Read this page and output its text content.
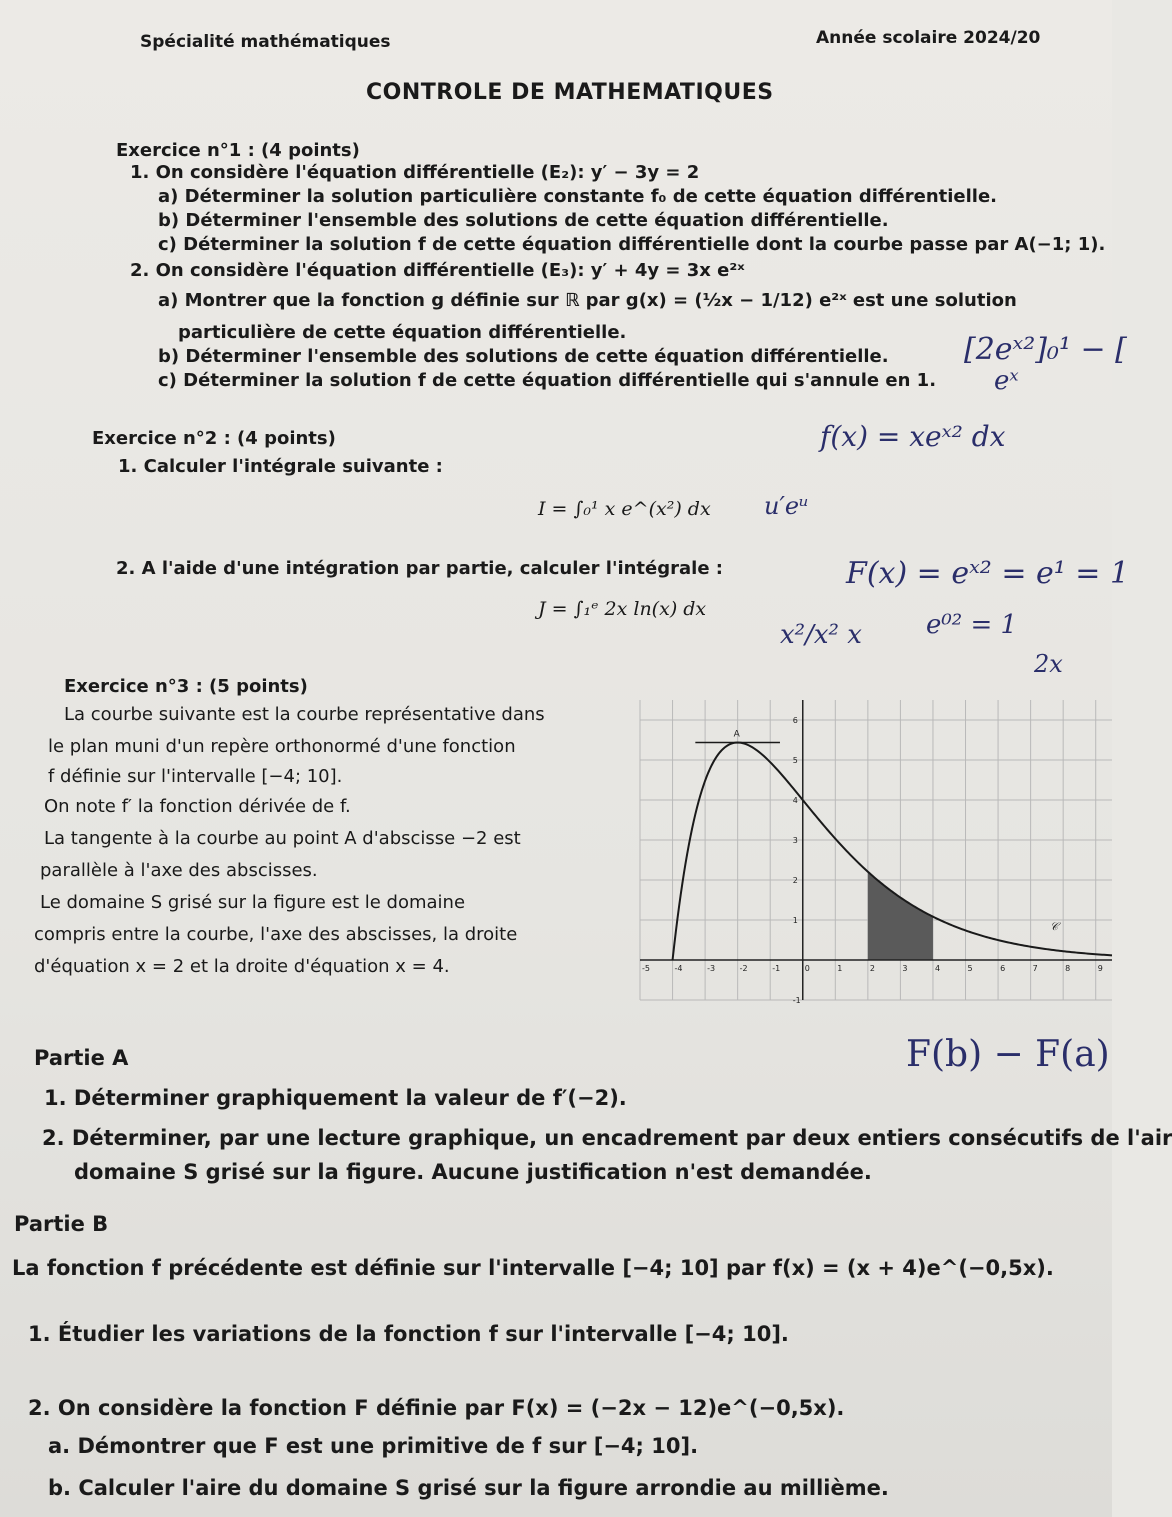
Spécialité mathématiques	Année scolaire 2024/20
CONTROLE DE MATHEMATIQUES
Exercice n°1 : (4 points)
1. On considère l'équation différentielle (E₂): y′ − 3y = 2
a) Déterminer la solution particulière constante f₀ de cette équation différentielle.
b) Déterminer l'ensemble des solutions de cette équation différentielle.
c) Déterminer la solution f de cette équation différentielle dont la courbe passe par A(−1; 1).
2. On considère l'équation différentielle (E₃): y′ + 4y = 3x e²ˣ
a) Montrer que la fonction g définie sur ℝ par g(x) = (½x − 1/12) e²ˣ est une solution
particulière de cette équation différentielle.
b) Déterminer l'ensemble des solutions de cette équation différentielle.
c) Déterminer la solution f de cette équation différentielle qui s'annule en 1.
Exercice n°2 : (4 points)
1. Calculer l'intégrale suivante :
I = ∫₀¹ x e^(x²) dx
2. A l'aide d'une intégration par partie, calculer l'intégrale :
J = ∫₁ᵉ 2x ln(x) dx
Exercice n°3 : (5 points)
La courbe suivante est la courbe représentative dans
le plan muni d'un repère orthonormé d'une fonction
f définie sur l'intervalle [−4; 10].
On note f′ la fonction dérivée de f.
La tangente à la courbe au point A d'abscisse −2 est
parallèle à l'axe des abscisses.
Le domaine S grisé sur la figure est le domaine
compris entre la courbe, l'axe des abscisses, la droite
d'équation x = 2 et la droite d'équation x = 4.	-5	-4	-3	-2	-1	0	1	2	3	4	5	6	7	8	9
6
5
4
3
2
1
-1
A
𝒞
Partie A
1. Déterminer graphiquement la valeur de f′(−2).
2. Déterminer, par une lecture graphique, un encadrement par deux entiers consécutifs de l'air
domaine S grisé sur la figure. Aucune justification n'est demandée.
Partie B
La fonction f précédente est définie sur l'intervalle [−4; 10] par f(x) = (x + 4)e^(−0,5x).
1. Étudier les variations de la fonction f sur l'intervalle [−4; 10].
2. On considère la fonction F définie par F(x) = (−2x − 12)e^(−0,5x).
a. Démontrer que F est une primitive de f sur [−4; 10].
b. Calculer l'aire du domaine S grisé sur la figure arrondie au millième.
[2eˣ²]₀¹ − [
eˣ
f(x) = xeˣ² dx
u′eᵘ
F(x) = eˣ² = e¹ = 1
e⁰² = 1
x²/x² x
2x
F(b) − F(a)
